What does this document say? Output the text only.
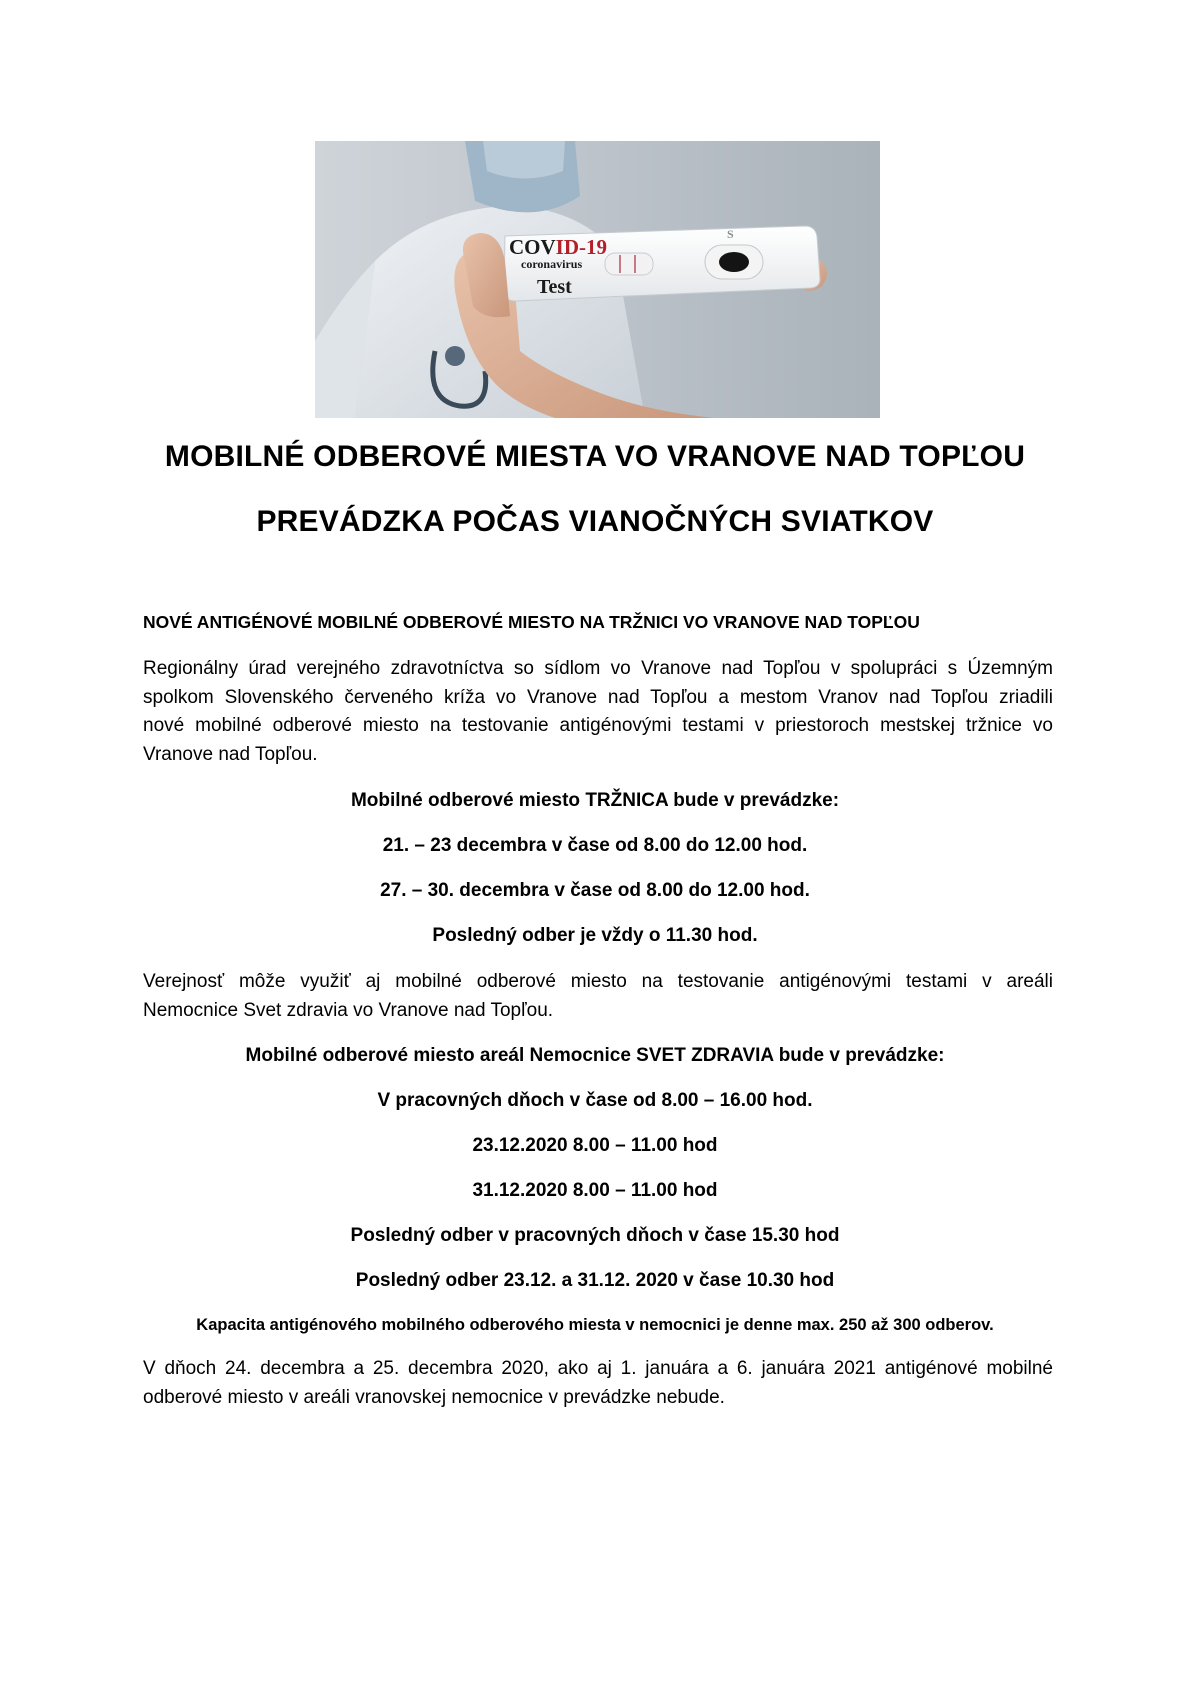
S
COVID-19
coronavirus
Test
MOBILNÉ ODBEROVÉ MIESTA VO VRANOVE NAD TOPĽOU
PREVÁDZKA POČAS VIANOČNÝCH SVIATKOV
NOVÉ ANTIGÉNOVÉ MOBILNÉ ODBEROVÉ MIESTO NA TRŽNICI VO VRANOVE NAD TOPĽOU
Regionálny úrad verejného zdravotníctva so sídlom vo Vranove nad Topľou v spolupráci s Územným
spolkom Slovenského červeného kríža vo Vranove nad Topľou a mestom Vranov nad Topľou zriadili
nové mobilné odberové miesto na testovanie antigénovými testami v priestoroch mestskej tržnice vo
Vranove nad Topľou.
Mobilné odberové miesto TRŽNICA bude v prevádzke:
21. – 23 decembra v čase od 8.00 do 12.00 hod.
27. – 30. decembra v čase od 8.00 do 12.00 hod.
Posledný odber je vždy o 11.30 hod.
Verejnosť môže využiť aj mobilné odberové miesto na testovanie antigénovými testami v areáli
Nemocnice Svet zdravia vo Vranove nad Topľou.
Mobilné odberové miesto areál Nemocnice SVET ZDRAVIA bude v prevádzke:
V pracovných dňoch v čase od 8.00 – 16.00 hod.
23.12.2020 8.00 – 11.00 hod
31.12.2020 8.00 – 11.00 hod
Posledný odber v pracovných dňoch v čase 15.30 hod
Posledný odber 23.12. a 31.12. 2020 v čase 10.30 hod
Kapacita antigénového mobilného odberového miesta v nemocnici je denne max. 250 až 300 odberov.
V dňoch 24. decembra a 25. decembra 2020, ako aj 1. januára a 6. januára 2021 antigénové mobilné
odberové miesto v areáli vranovskej nemocnice v prevádzke nebude.
